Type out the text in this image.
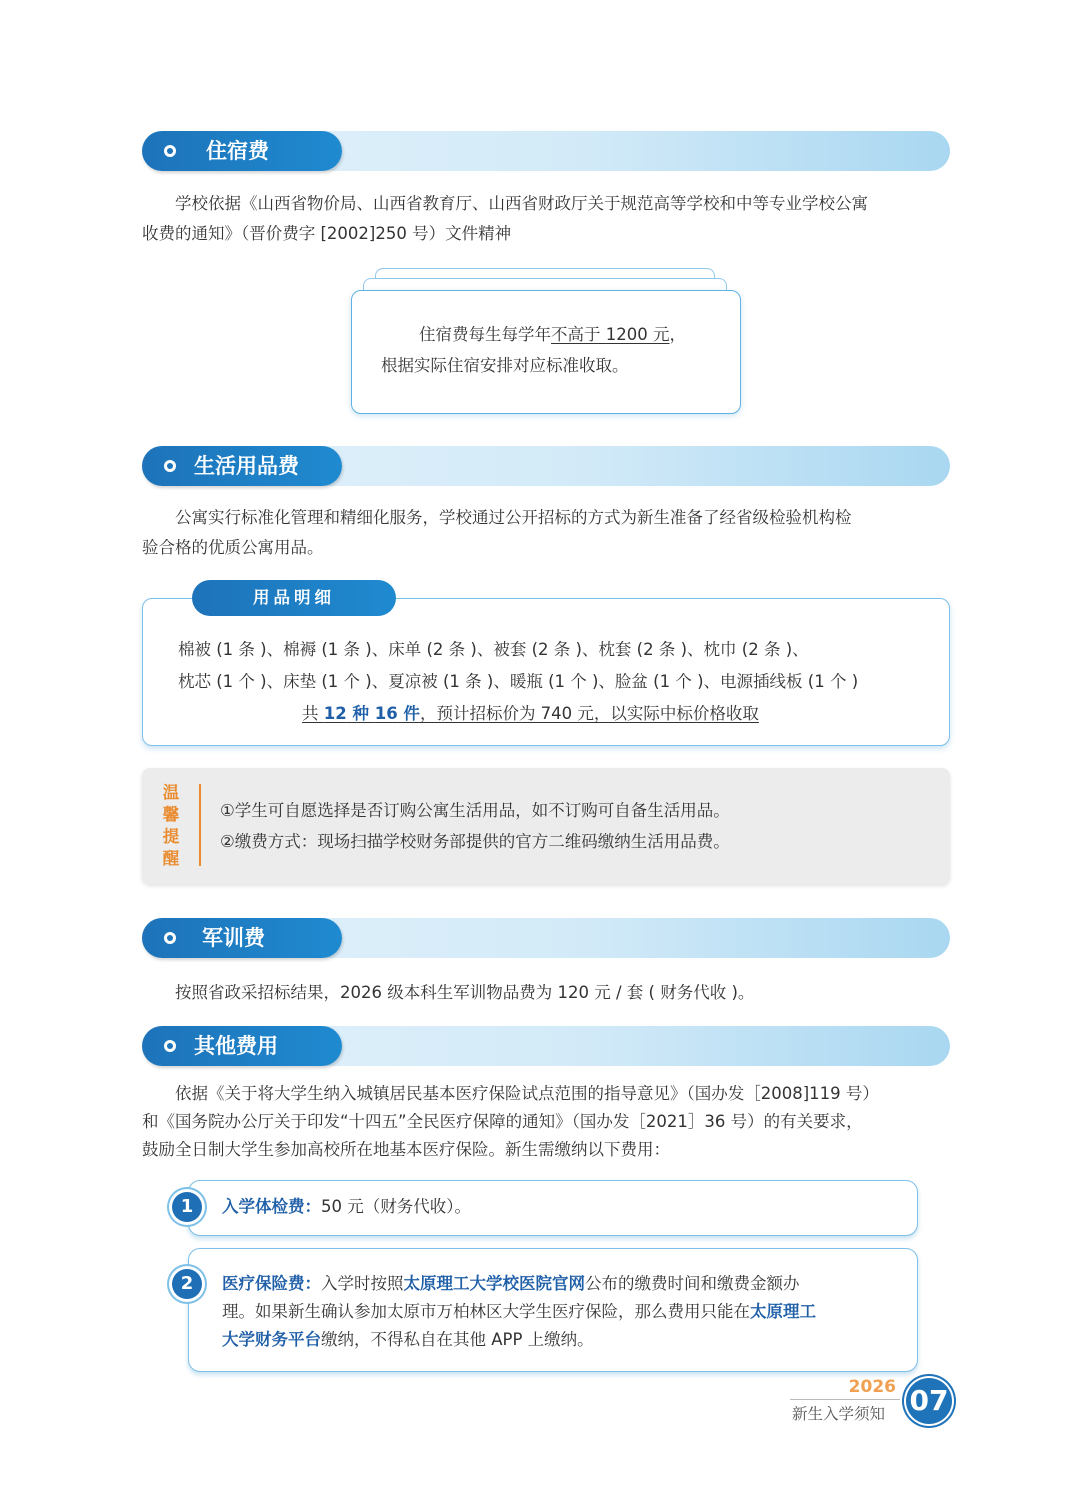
住宿费
学校依据《山西省物价局、山西省教育厅、山西省财政厅关于规范高等学校和中等专业学校公寓
收费的通知》（晋价费字 [2002]250 号）文件精神
住宿费每生每学年不高于 1200 元，
根据实际住宿安排对应标准收取。
生活用品费
公寓实行标准化管理和精细化服务，学校通过公开招标的方式为新生准备了经省级检验机构检
验合格的优质公寓用品。
用品明细
棉被 (1 条 )、棉褥 (1 条 )、床单 (2 条 )、被套 (2 条 )、枕套 (2 条 )、枕巾 (2 条 )、
枕芯 (1 个 )、床垫 (1 个 )、夏凉被 (1 条 )、暖瓶 (1 个 )、脸盆 (1 个 )、电源插线板 (1 个 )
共 12 种 16 件，预计招标价为 740 元，以实际中标价格收取
温
馨
提
醒
①学生可自愿选择是否订购公寓生活用品，如不订购可自备生活用品。
②缴费方式：现场扫描学校财务部提供的官方二维码缴纳生活用品费。
军训费
按照省政采招标结果，2026 级本科生军训物品费为 120 元 / 套 ( 财务代收 )。
其他费用
依据《关于将大学生纳入城镇居民基本医疗保险试点范围的指导意见》（国办发［2008]119 号）
和《国务院办公厅关于印发“十四五”全民医疗保障的通知》（国办发［2021］36 号）的有关要求，
鼓励全日制大学生参加高校所在地基本医疗保险。新生需缴纳以下费用：
1	入学体检费：50 元（财务代收）。
2	医疗保险费：入学时按照太原理工大学校医院官网公布的缴费时间和缴费金额办
理。如果新生确认参加太原市万柏林区大学生医疗保险，那么费用只能在太原理工
大学财务平台缴纳，不得私自在其他 APP 上缴纳。
2026
新生入学须知 07
